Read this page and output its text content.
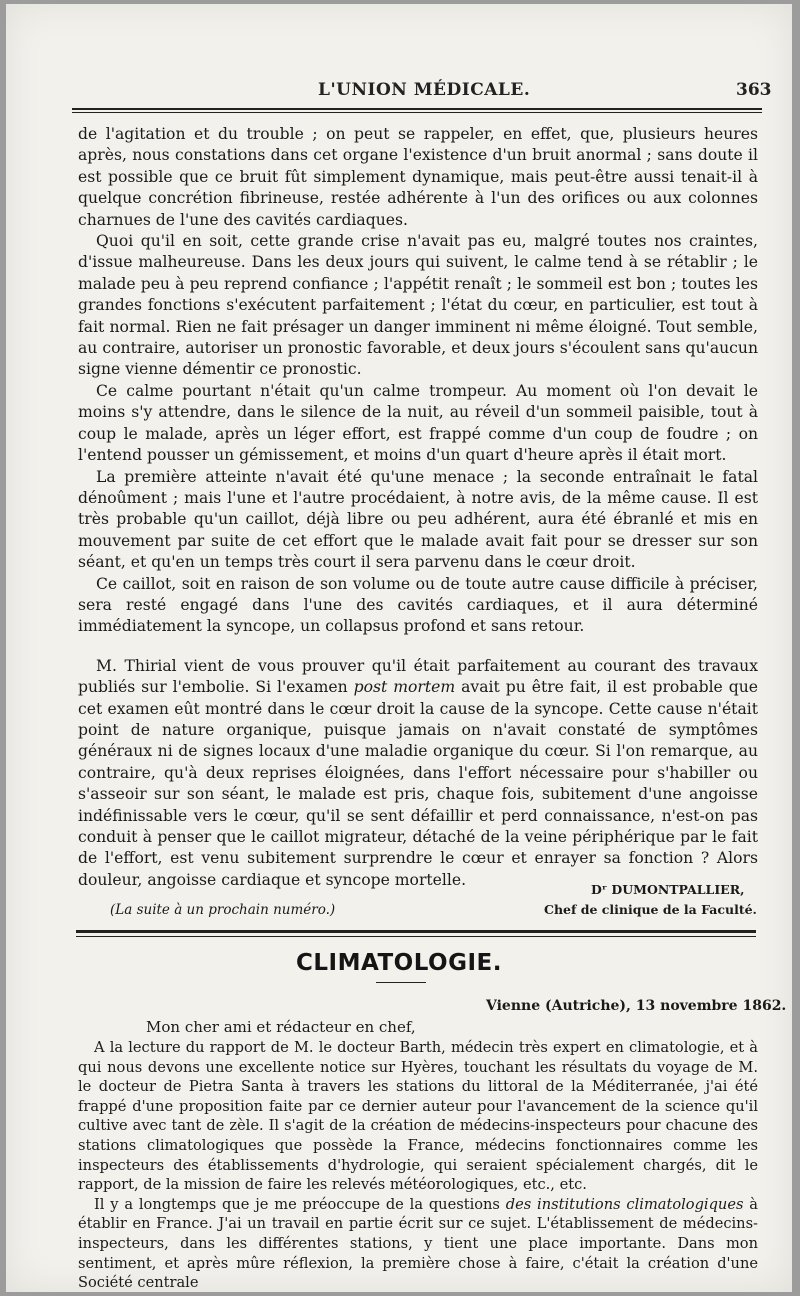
L'UNION MÉDICALE.	363

de l'agitation et du trouble ; on peut se rappeler, en effet, que, plusieurs heures après, nous constations dans cet organe l'existence d'un bruit anormal ; sans doute il est possible que ce bruit fût simplement dynamique, mais peut-être aussi tenait-il à quelque concrétion fibrineuse, restée adhérente à l'un des orifices ou aux colonnes charnues de l'une des cavités cardiaques.

Quoi qu'il en soit, cette grande crise n'avait pas eu, malgré toutes nos craintes, d'issue malheureuse. Dans les deux jours qui suivent, le calme tend à se rétablir ; le malade peu à peu reprend confiance ; l'appétit renaît ; le sommeil est bon ; toutes les grandes fonctions s'exécutent parfaitement ; l'état du cœur, en particulier, est tout à fait normal. Rien ne fait présager un danger imminent ni même éloigné. Tout semble, au contraire, autoriser un pronostic favorable, et deux jours s'écoulent sans qu'aucun signe vienne démentir ce pronostic.

Ce calme pourtant n'était qu'un calme trompeur. Au moment où l'on devait le moins s'y attendre, dans le silence de la nuit, au réveil d'un sommeil paisible, tout à coup le malade, après un léger effort, est frappé comme d'un coup de foudre ; on l'entend pousser un gémissement, et moins d'un quart d'heure après il était mort.

La première atteinte n'avait été qu'une menace ; la seconde entraînait le fatal dénoûment ; mais l'une et l'autre procédaient, à notre avis, de la même cause. Il est très probable qu'un caillot, déjà libre ou peu adhérent, aura été ébranlé et mis en mouvement par suite de cet effort que le malade avait fait pour se dresser sur son séant, et qu'en un temps très court il sera parvenu dans le cœur droit.

Ce caillot, soit en raison de son volume ou de toute autre cause difficile à préciser, sera resté engagé dans l'une des cavités cardiaques, et il aura déterminé immédiatement la syncope, un collapsus profond et sans retour.

M. Thirial vient de vous prouver qu'il était parfaitement au courant des travaux publiés sur l'embolie. Si l'examen post mortem avait pu être fait, il est probable que cet examen eût montré dans le cœur droit la cause de la syncope. Cette cause n'était point de nature organique, puisque jamais on n'avait constaté de symptômes généraux ni de signes locaux d'une maladie organique du cœur. Si l'on remarque, au contraire, qu'à deux reprises éloignées, dans l'effort nécessaire pour s'habiller ou s'asseoir sur son séant, le malade est pris, chaque fois, subitement d'une angoisse indéfinissable vers le cœur, qu'il se sent défaillir et perd connaissance, n'est-on pas conduit à penser que le caillot migrateur, détaché de la veine périphérique par le fait de l'effort, est venu subitement surprendre le cœur et enrayer sa fonction ? Alors douleur, angoisse cardiaque et syncope mortelle.

Dʳ DUMONTPALLIER,
Chef de clinique de la Faculté.
(La suite à un prochain numéro.)
CLIMATOLOGIE.
Vienne (Autriche), 13 novembre 1862.
Mon cher ami et rédacteur en chef,

A la lecture du rapport de M. le docteur Barth, médecin très expert en climatologie, et à qui nous devons une excellente notice sur Hyères, touchant les résultats du voyage de M. le docteur de Pietra Santa à travers les stations du littoral de la Méditerranée, j'ai été frappé d'une proposition faite par ce dernier auteur pour l'avancement de la science qu'il cultive avec tant de zèle. Il s'agit de la création de médecins-inspecteurs pour chacune des stations climatologiques que possède la France, médecins fonctionnaires comme les inspecteurs des établissements d'hydrologie, qui seraient spécialement chargés, dit le rapport, de la mission de faire les relevés météorologiques, etc., etc.

Il y a longtemps que je me préoccupe de la questions des institutions climatologiques à établir en France. J'ai un travail en partie écrit sur ce sujet. L'établissement de médecins-inspecteurs, dans les différentes stations, y tient une place importante. Dans mon sentiment, et après mûre réflexion, la première chose à faire, c'était la création d'une Société centrale
